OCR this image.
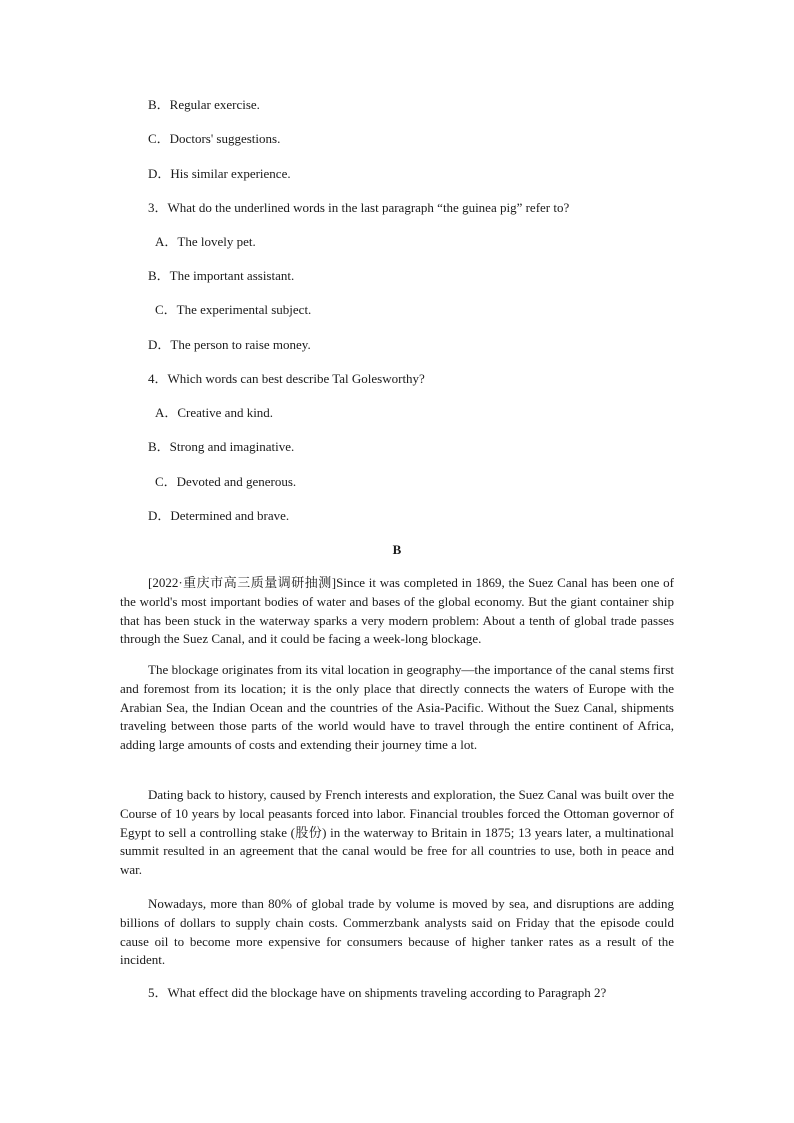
B．Regular exercise.
C．Doctors' suggestions.
D．His similar experience.
3．What do the underlined words in the last paragraph “the guinea pig” refer to?
A．The lovely pet.
B．The important assistant.
C．The experimental subject.
D．The person to raise money.
4．Which words can best describe Tal Golesworthy?
A．Creative and kind.
B．Strong and imaginative.
C．Devoted and generous.
D．Determined and brave.
B
[2022·重庆市高三质量调研抽测]Since it was completed in 1869, the Suez Canal has been one of the world's most important bodies of water and bases of the global economy. But the giant container ship that has been stuck in the waterway sparks a very modern problem: About a tenth of global trade passes through the Suez Canal, and it could be facing a week-long blockage.
The blockage originates from its vital location in geography—the importance of the canal stems first and foremost from its location; it is the only place that directly connects the waters of Europe with the Arabian Sea, the Indian Ocean and the countries of the Asia-Pacific. Without the Suez Canal, shipments traveling between those parts of the world would have to travel through the entire continent of Africa, adding large amounts of costs and extending their journey time a lot.
Dating back to history, caused by French interests and exploration, the Suez Canal was built over the Course of 10 years by local peasants forced into labor. Financial troubles forced the Ottoman governor of Egypt to sell a controlling stake (股份) in the waterway to Britain in 1875; 13 years later, a multinational summit resulted in an agreement that the canal would be free for all countries to use, both in peace and war.
Nowadays, more than 80% of global trade by volume is moved by sea, and disruptions are adding billions of dollars to supply chain costs. Commerzbank analysts said on Friday that the episode could cause oil to become more expensive for consumers because of higher tanker rates as a result of the incident.
5．What effect did the blockage have on shipments traveling according to Paragraph 2?
